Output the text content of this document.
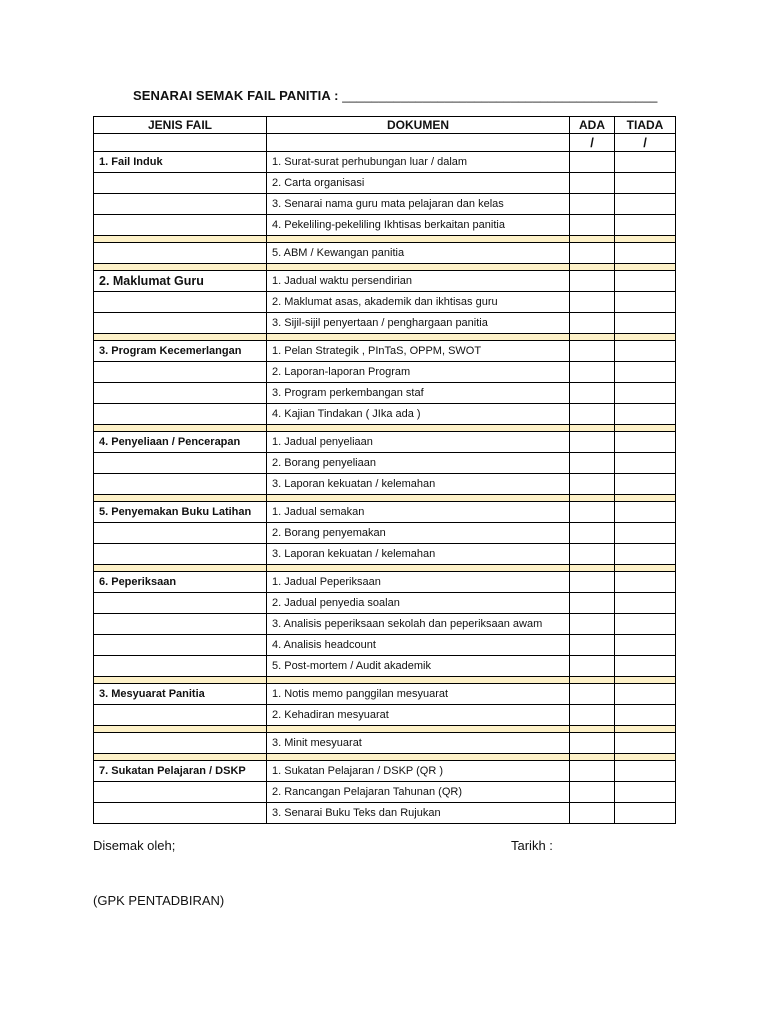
SENARAI SEMAK FAIL PANITIA : ___________________________________________
JENIS FAIL	DOKUMEN	ADA	TIADA
		/	/
1. Fail Induk	1. Surat-surat perhubungan luar / dalam		
	2. Carta organisasi		
	3. Senarai nama guru mata pelajaran dan kelas		
	4. Pekeliling-pekeliling Ikhtisas berkaitan panitia		

	5. ABM / Kewangan panitia		

2. Maklumat Guru	1. Jadual waktu persendirian		
	2. Maklumat asas, akademik dan ikhtisas guru		
	3. Sijil-sijil penyertaan / penghargaan panitia		

3. Program Kecemerlangan	1. Pelan Strategik , PInTaS, OPPM, SWOT		
	2. Laporan-laporan Program		
	3. Program perkembangan staf		
	4. Kajian Tindakan ( JIka ada )		

4. Penyeliaan / Pencerapan	1. Jadual penyeliaan		
	2. Borang penyeliaan		
	3. Laporan kekuatan / kelemahan		

5. Penyemakan Buku Latihan	1. Jadual semakan		
	2. Borang penyemakan		
	3. Laporan kekuatan / kelemahan		

6. Peperiksaan	1. Jadual Peperiksaan		
	2. Jadual penyedia soalan		
	3. Analisis peperiksaan sekolah dan peperiksaan awam		
	4. Analisis headcount		
	5. Post-mortem / Audit akademik		

3. Mesyuarat Panitia	1. Notis memo panggilan mesyuarat		
	2. Kehadiran mesyuarat		

	3. Minit mesyuarat		

7. Sukatan Pelajaran / DSKP	1. Sukatan Pelajaran / DSKP (QR )		
	2. Rancangan Pelajaran Tahunan (QR)		
	3. Senarai Buku Teks dan Rujukan		
Disemak oleh;	Tarikh :
(GPK PENTADBIRAN)
